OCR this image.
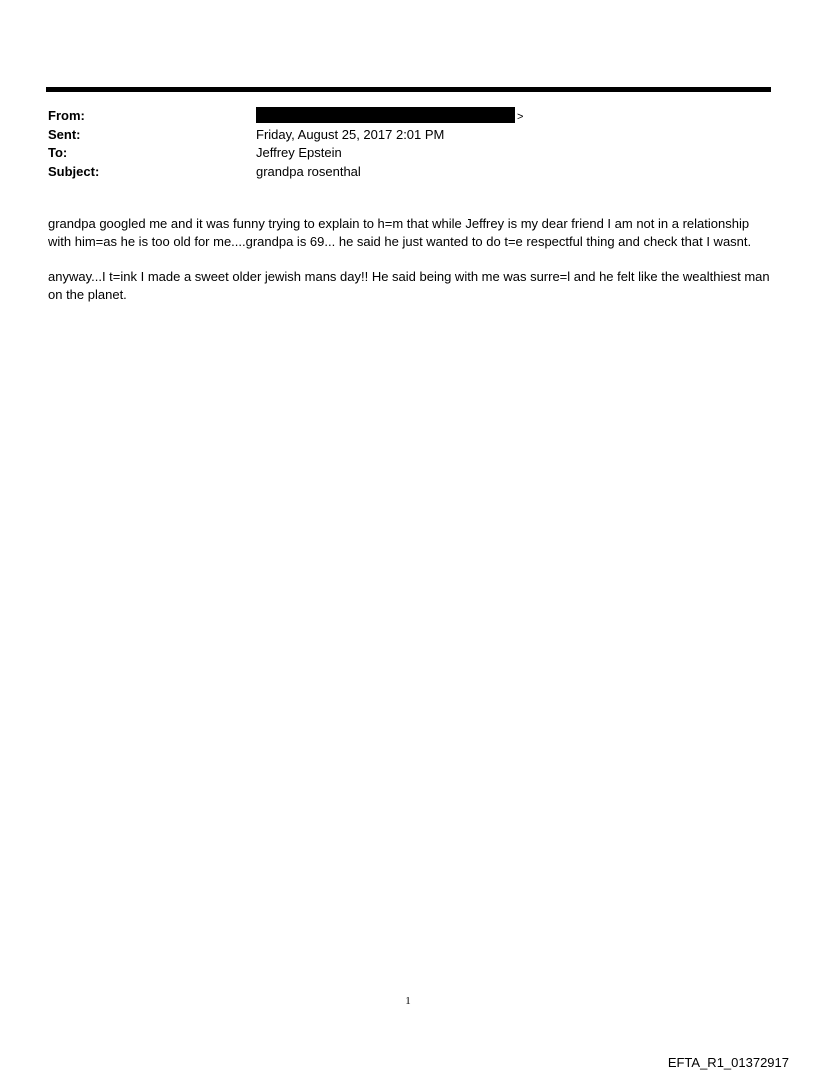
From:	>
Sent:	Friday, August 25, 2017 2:01 PM
To:	Jeffrey Epstein
Subject:	grandpa rosenthal

grandpa googled me and it was funny trying to explain to h=m that while Jeffrey is my dear friend I am not in a relationship with him=as he is too old for me....grandpa is 69... he said he just wanted to do t=e respectful thing and check that I wasnt.

anyway...I t=ink I made a sweet older jewish mans day!! He said being with me was surre=l and he felt like the wealthiest man on the planet.

1
EFTA_R1_01372917
